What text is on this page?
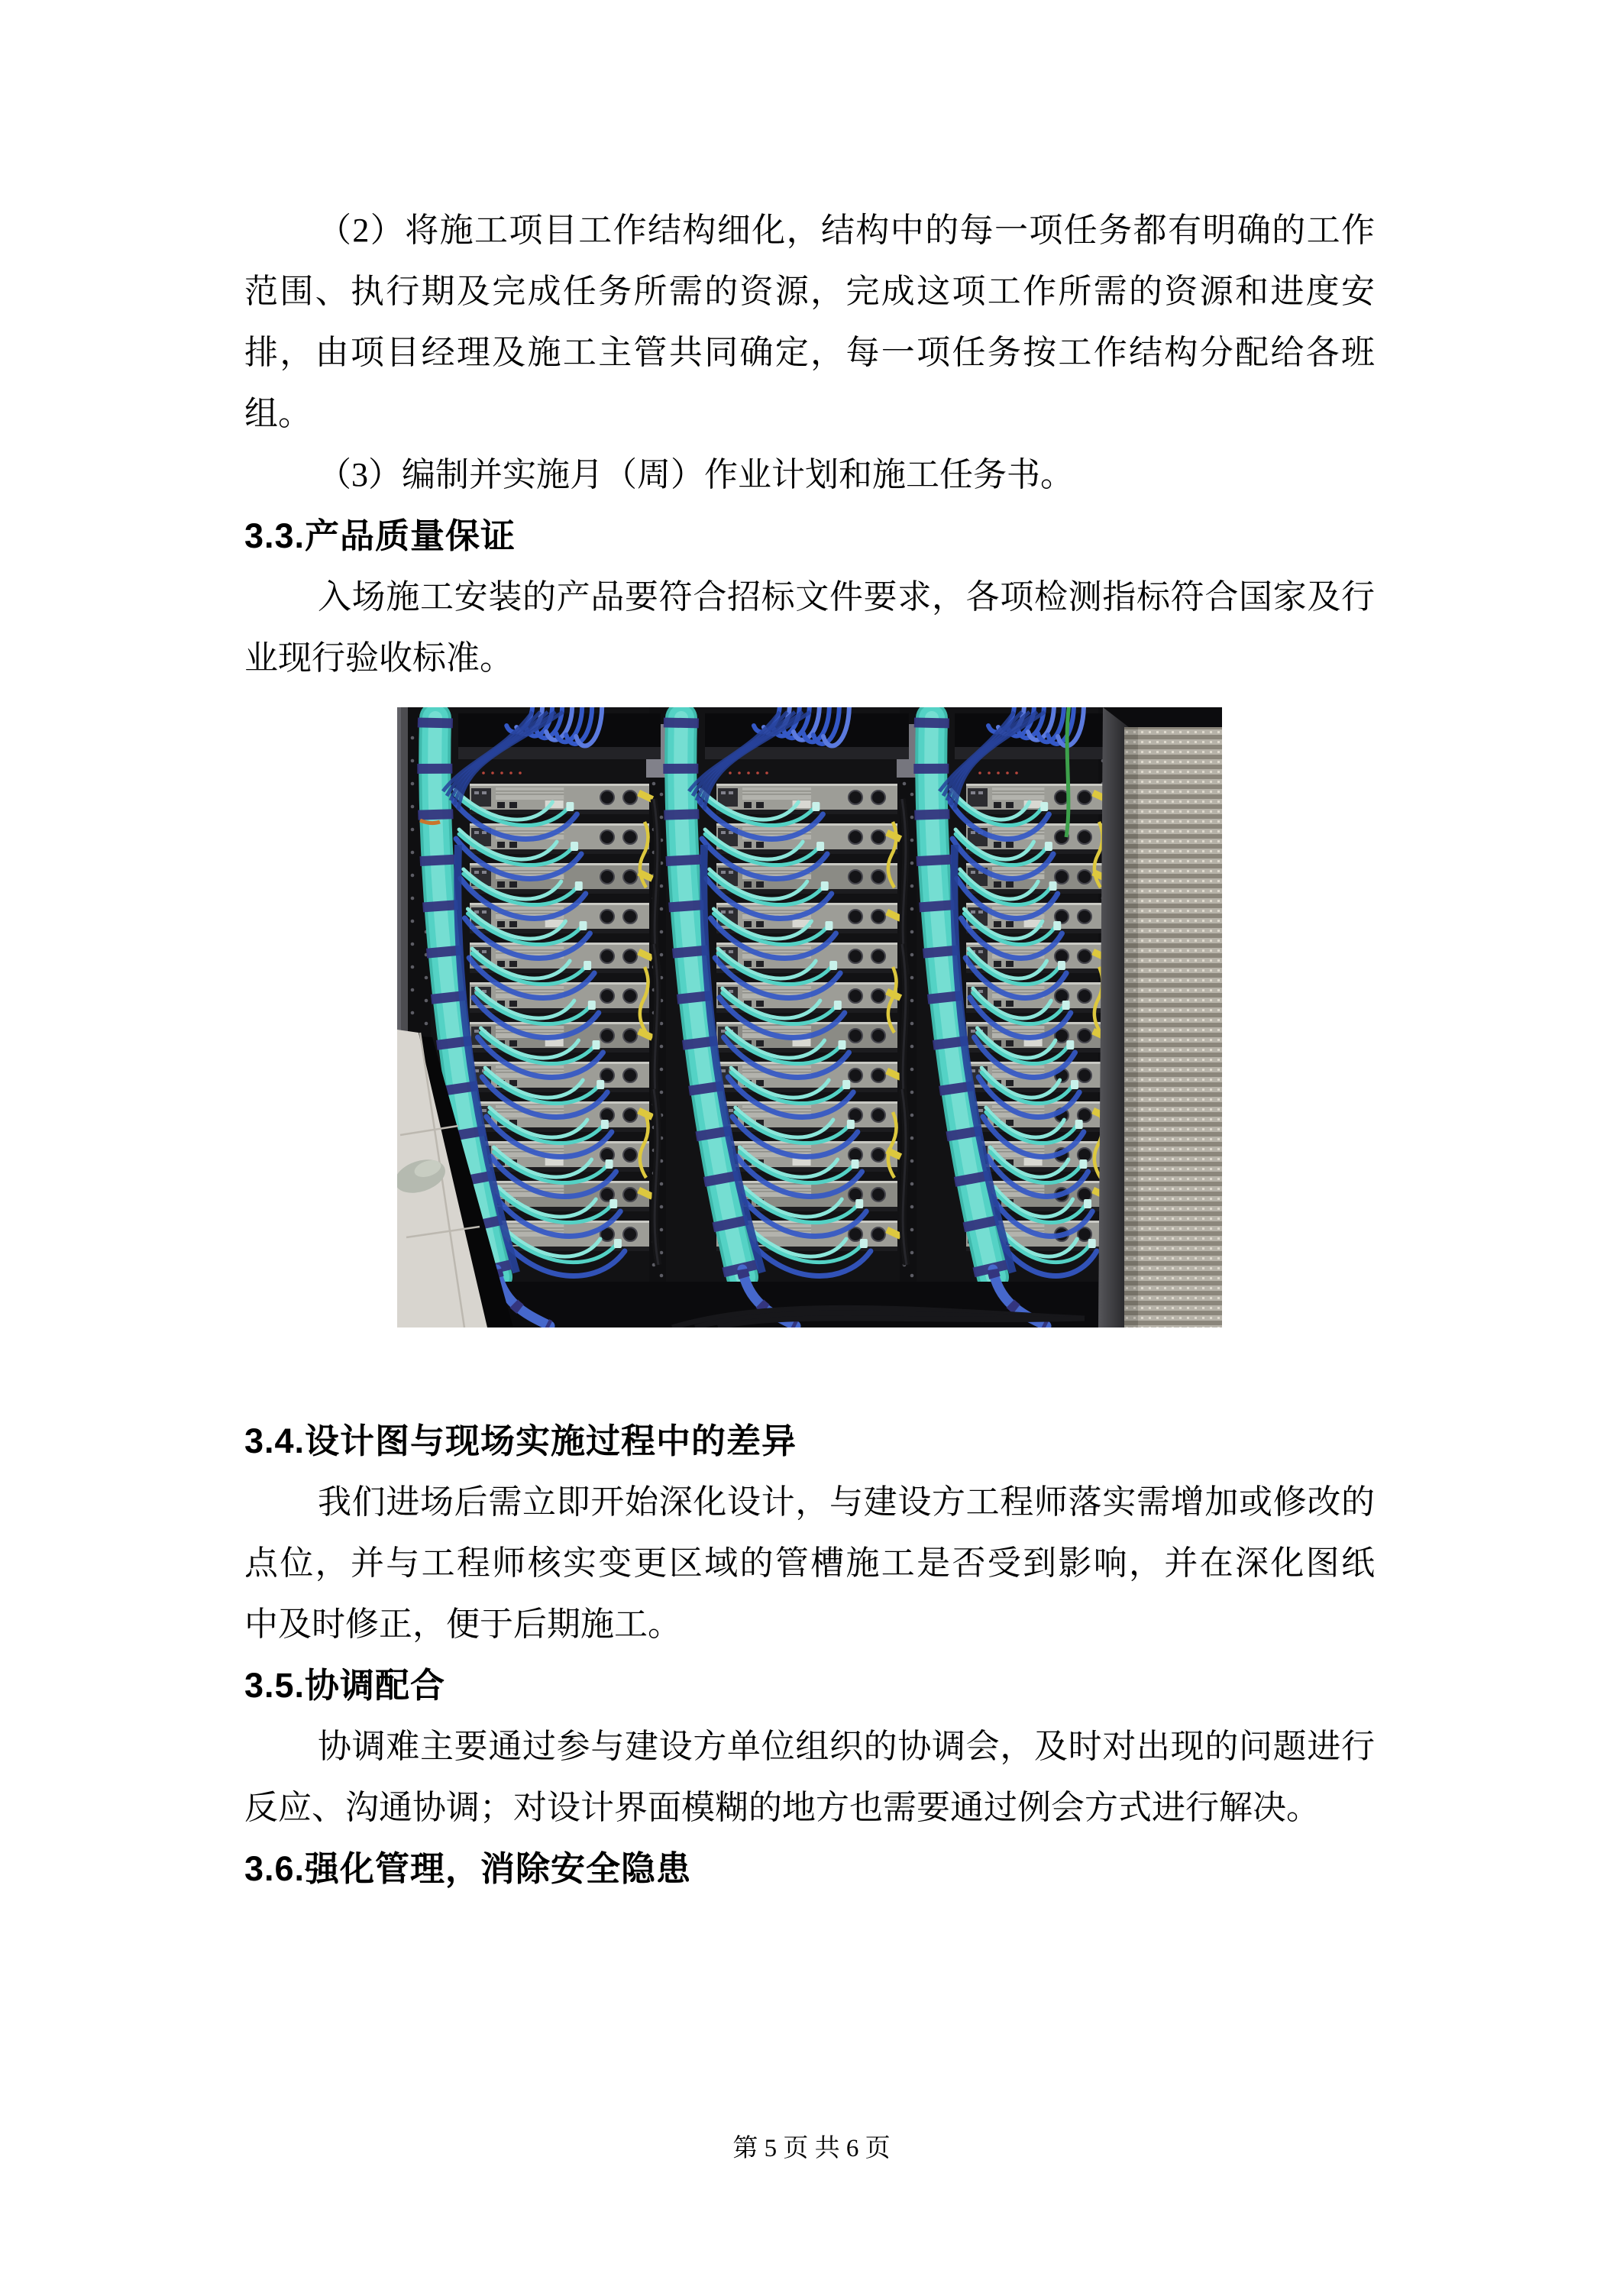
（2）将施工项目工作结构细化，结构中的每一项任务都有明确的工作
范围、执行期及完成任务所需的资源，完成这项工作所需的资源和进度安
排，由项目经理及施工主管共同确定，每一项任务按工作结构分配给各班
组。

（3）编制并实施月（周）作业计划和施工任务书。

3.3.产品质量保证

入场施工安装的产品要符合招标文件要求，各项检测指标符合国家及行
业现行验收标准。

3.4.设计图与现场实施过程中的差异

我们进场后需立即开始深化设计，与建设方工程师落实需增加或修改的
点位，并与工程师核实变更区域的管槽施工是否受到影响，并在深化图纸
中及时修正，便于后期施工。

3.5.协调配合

协调难主要通过参与建设方单位组织的协调会，及时对出现的问题进行
反应、沟通协调；对设计界面模糊的地方也需要通过例会方式进行解决。

3.6.强化管理，消除安全隐患
第 5 页 共 6 页
